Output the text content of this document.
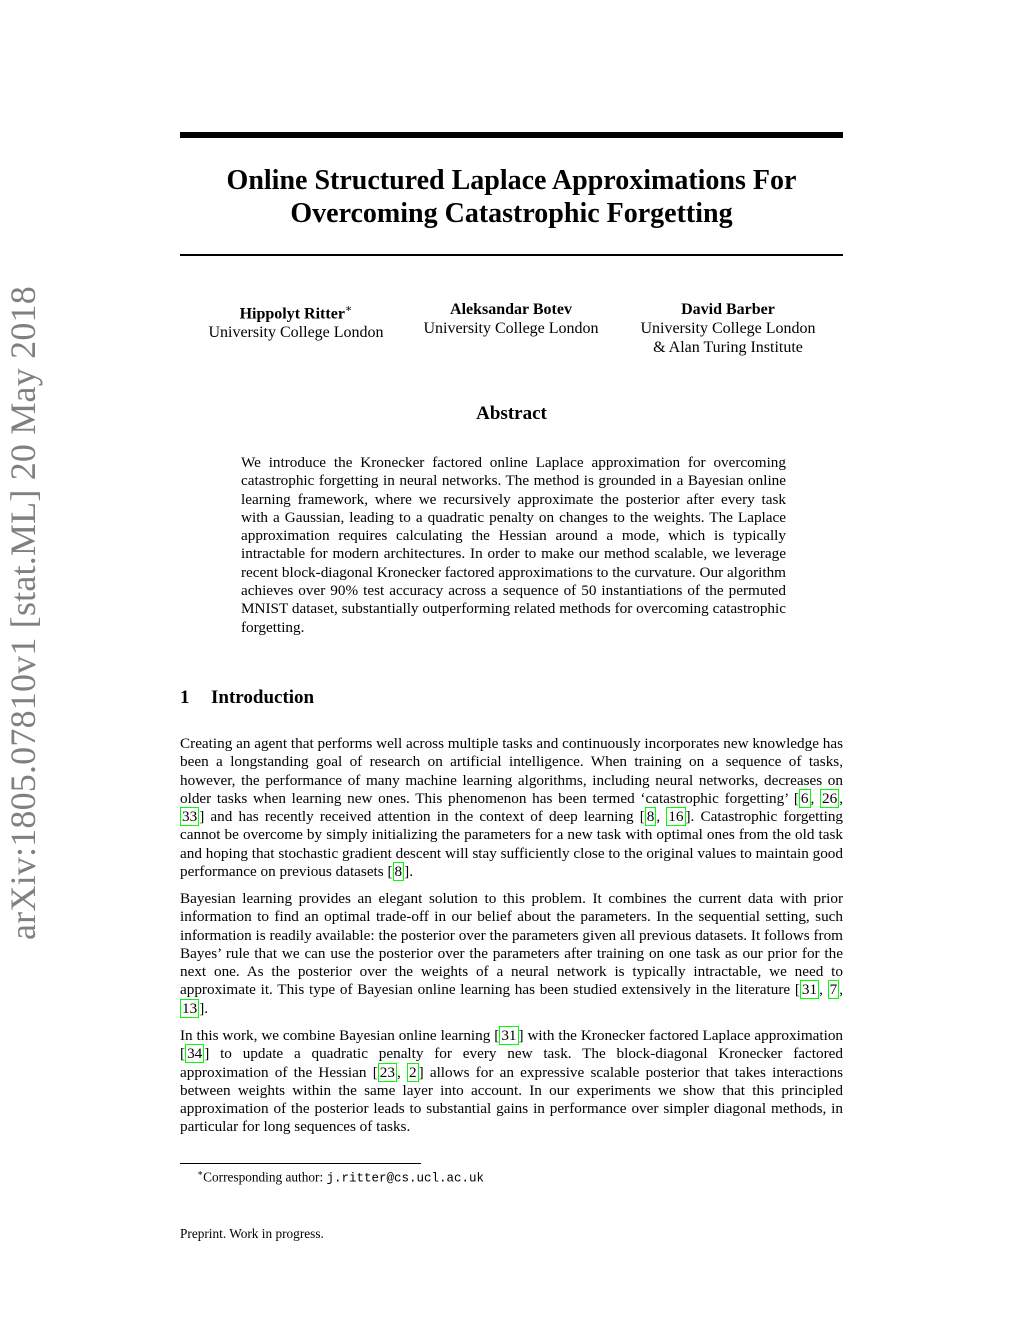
arXiv:1805.07810v1 [stat.ML] 20 May 2018
Online Structured Laplace Approximations For
Overcoming Catastrophic Forgetting
Hippolyt Ritter∗
University College London
Aleksandar Botev
University College London
David Barber
University College London
& Alan Turing Institute
Abstract
We introduce the Kronecker factored online Laplace approximation for overcoming catastrophic forgetting in neural networks. The method is grounded in a Bayesian online learning framework, where we recursively approximate the posterior after every task with a Gaussian, leading to a quadratic penalty on changes to the weights. The Laplace approximation requires calculating the Hessian around a mode, which is typically intractable for modern architectures. In order to make our method scalable, we leverage recent block-diagonal Kronecker factored approximations to the curvature. Our algorithm achieves over 90% test accuracy across a sequence of 50 instantiations of the permuted MNIST dataset, substantially outperforming related methods for overcoming catastrophic forgetting.
1 Introduction

Creating an agent that performs well across multiple tasks and continuously incorporates new knowledge has been a longstanding goal of research on artificial intelligence. When training on a sequence of tasks, however, the performance of many machine learning algorithms, including neural networks, decreases on older tasks when learning new ones. This phenomenon has been termed ‘catastrophic forgetting’ [ 6 , 26 , 33 ] and has recently received attention in the context of deep learning [ 8 , 16 ]. Catastrophic forgetting cannot be overcome by simply initializing the parameters for a new task with optimal ones from the old task and hoping that stochastic gradient descent will stay sufficiently close to the original values to maintain good performance on previous datasets [ 8 ].

Bayesian learning provides an elegant solution to this problem. It combines the current data with prior information to find an optimal trade-off in our belief about the parameters. In the sequential setting, such information is readily available: the posterior over the parameters given all previous datasets. It follows from Bayes’ rule that we can use the posterior over the parameters after training on one task as our prior for the next one. As the posterior over the weights of a neural network is typically intractable, we need to approximate it. This type of Bayesian online learning has been studied extensively in the literature [ 31 , 7 , 13 ].

In this work, we combine Bayesian online learning [ 31 ] with the Kronecker factored Laplace approximation [ 34 ] to update a quadratic penalty for every new task. The block-diagonal Kronecker factored approximation of the Hessian [ 23 , 2 ] allows for an expressive scalable posterior that takes interactions between weights within the same layer into account. In our experiments we show that this principled approximation of the posterior leads to substantial gains in performance over simpler diagonal methods, in particular for long sequences of tasks.

∗Corresponding author: j.ritter@cs.ucl.ac.uk
Preprint. Work in progress.
